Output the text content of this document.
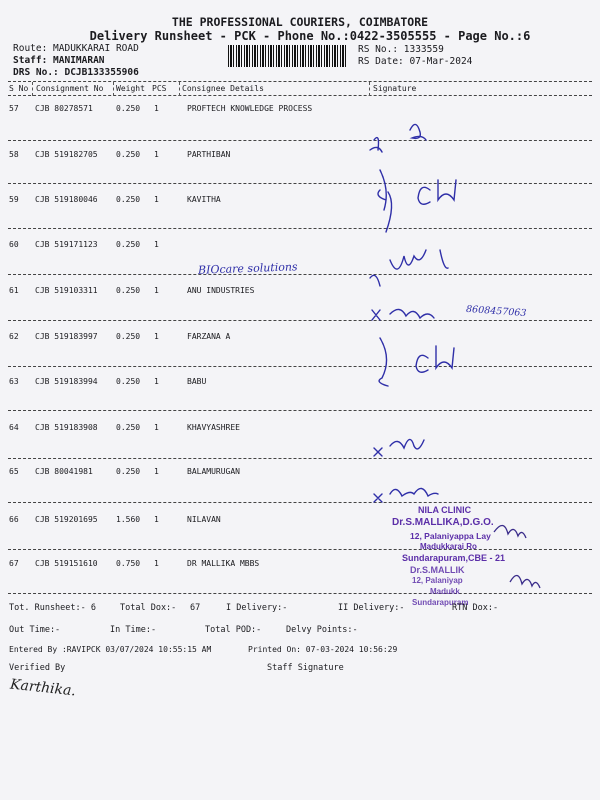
THE PROFESSIONAL COURIERS, COIMBATORE
Delivery Runsheet - PCK - Phone No.:0422-3505555 - Page No.:6
Route: MADUKKARAI ROAD
Staff: MANIMARAN
DRS No.: DCJB133355906
RS No.: 1333559
RS Date: 07-Mar-2024
S No Consignment No Weight PCS Consignee Details	Signature
57 CJB 80278571	0.250 1	PROFTECH KNOWLEDGE PROCESS
58 CJB 519182705 0.250 1	PARTHIBAN
59 CJB 519180046 0.250 1	KAVITHA
60 CJB 519171123 0.250 1
61 CJB 519103311 0.250 1	ANU INDUSTRIES
62 CJB 519183997 0.250 1	FARZANA A
63 CJB 519183994 0.250 1	BABU
64 CJB 519183908 0.250 1	KHAVYASHREE
65 CJB 80041981	0.250 1	BALAMURUGAN
66 CJB 519201695 1.560 1	NILAVAN
67 CJB 519151610 0.750 1	DR MALLIKA MBBS
BIOcare solutions
8608457063
NILA CLINIC
Dr.S.MALLIKA,D.G.O.
12, Palaniyappa Lay
Madukkarai Ro
Sundarapuram,CBE - 21
Dr.S.MALLIK
12, Palaniyap
Madukk
Sundarapuram
Tot. Runsheet:- 6	Total Dox:- 67	I Delivery:-	II Delivery:-	RTN Dox:-
Out Time:-	In Time:-	Total POD:-	Delvy Points:-
Entered By :RAVIPCK 03/07/2024 10:55:15 AM	Printed On: 07-03-2024 10:56:29
Verified By	Staff Signature
Karthika.
